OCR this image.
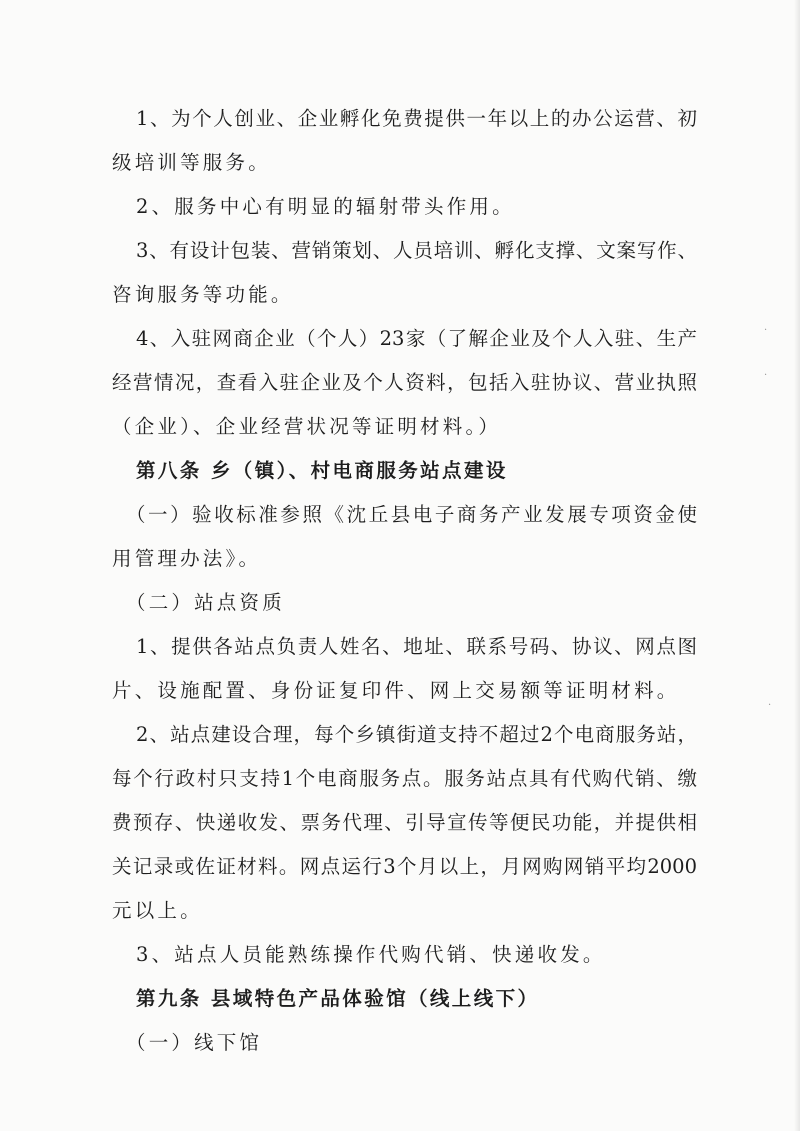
1、为个人创业、企业孵化免费提供一年以上的办公运营、初
级培训等服务。
2、服务中心有明显的辐射带头作用。
3、有设计包装、营销策划、人员培训、孵化支撑、文案写作、
咨询服务等功能。
4、入驻网商企业（个人）23家（了解企业及个人入驻、生产
经营情况，查看入驻企业及个人资料，包括入驻协议、营业执照
（企业）、企业经营状况等证明材料。）
第八条 乡（镇）、村电商服务站点建设
（一）验收标准参照《沈丘县电子商务产业发展专项资金使
用管理办法》。
（二）站点资质
1、提供各站点负责人姓名、地址、联系号码、协议、网点图
片、设施配置、身份证复印件、网上交易额等证明材料。
2、站点建设合理，每个乡镇街道支持不超过2个电商服务站，
每个行政村只支持1个电商服务点。服务站点具有代购代销、缴
费预存、快递收发、票务代理、引导宣传等便民功能，并提供相
关记录或佐证材料。网点运行3个月以上，月网购网销平均2000
元以上。
3、站点人员能熟练操作代购代销、快递收发。
第九条 县域特色产品体验馆（线上线下）
（一）线下馆
·
·
·
